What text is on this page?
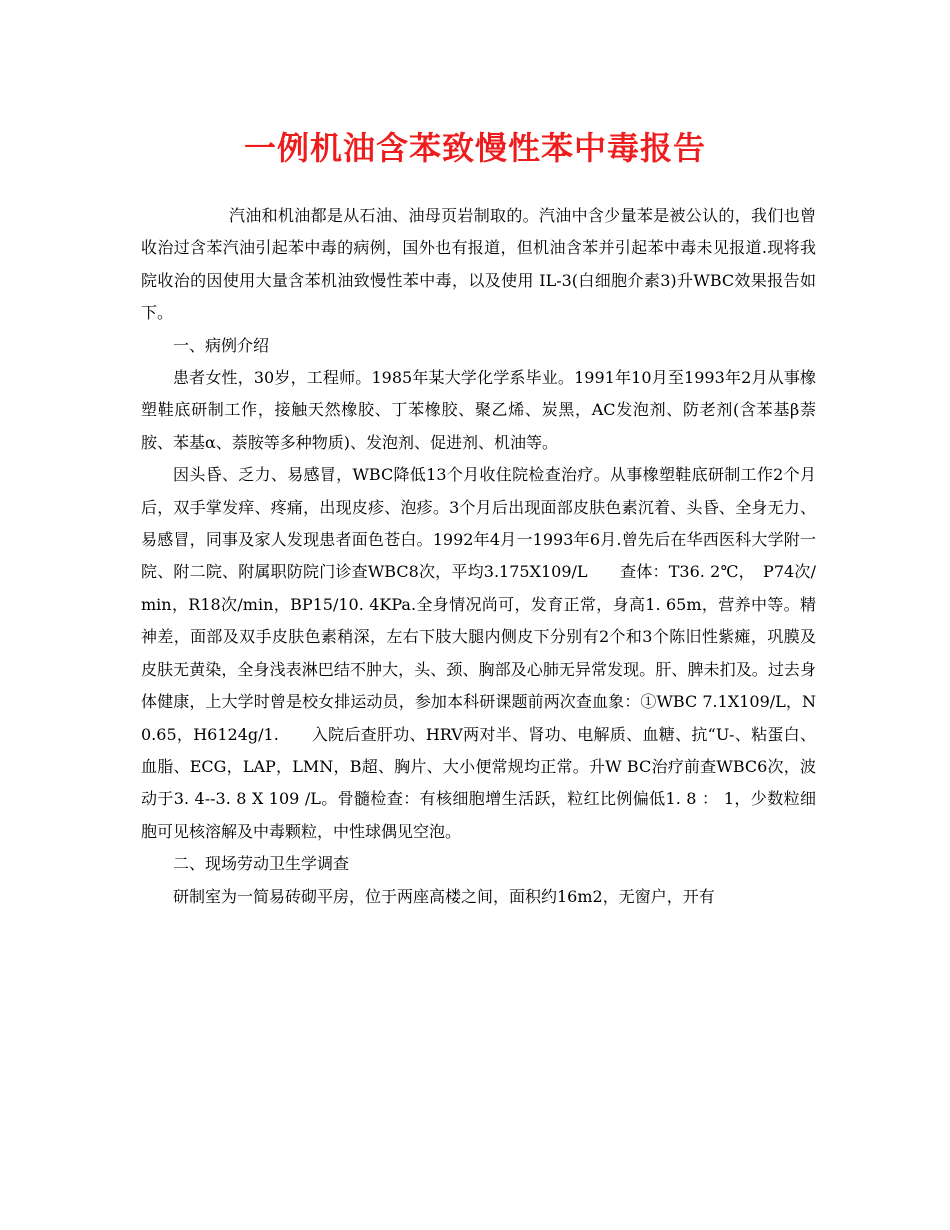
一例机油含苯致慢性苯中毒报告

汽油和机油都是从石油、油母页岩制取的。汽油中含少量苯是被公认的，我们也曾收治过含苯汽油引起苯中毒的病例，国外也有报道，但机油含苯并引起苯中毒未见报道.现将我院收治的因使用大量含苯机油致慢性苯中毒，以及使用 IL-3(白细胞介素3)升WBC效果报告如下。

一、病例介绍

患者女性，30岁，工程师。1985年某大学化学系毕业。1991年10月至1993年2月从事橡塑鞋底研制工作，接触天然橡胶、丁苯橡胶、聚乙烯、炭黑，AC发泡剂、防老剂(含苯基β萘胺、苯基α、萘胺等多种物质)、发泡剂、促进剂、机油等。

因头昏、乏力、易感冒，WBC降低13个月收住院检查治疗。从事橡塑鞋底研制工作2个月后，双手掌发痒、疼痛，出现皮疹、泡疹。3个月后出现面部皮肤色素沉着、头昏、全身无力、易感冒，同事及家人发现患者面色苍白。1992年4月一1993年6月.曾先后在华西医科大学附一院、附二院、附属职防院门诊查WBC8次，平均3.175X109/L　　查体：T36. 2℃，　P74次/min，R18次/min，BP15/10. 4KPa.全身情况尚可，发育正常，身高1. 65m，营养中等。精神差，面部及双手皮肤色素稍深，左右下肢大腿内侧皮下分别有2个和3个陈旧性紫瘫，巩膜及皮肤无黄染，全身浅表淋巴结不肿大，头、颈、胸部及心肺无异常发现。肝、脾未扪及。过去身体健康，上大学时曾是校女排运动员，参加本科研课题前两次查血象：①WBC 7.1X109/L，N 0.65，H6124g/1.　　入院后查肝功、HRV两对半、肾功、电解质、血糖、抗“U-、粘蛋白、血脂、ECG，LAP，LMN，B超、胸片、大小便常规均正常。升W BC治疗前查WBC6次，波动于3. 4--3. 8 X 109 /L。骨髓检查：有核细胞增生活跃，粒红比例偏低1. 8 ： 1，少数粒细胞可见核溶解及中毒颗粒，中性球偶见空泡。

二、现场劳动卫生学调查

研制室为一简易砖砌平房，位于两座高楼之间，面积约16m2，无窗户，开有
